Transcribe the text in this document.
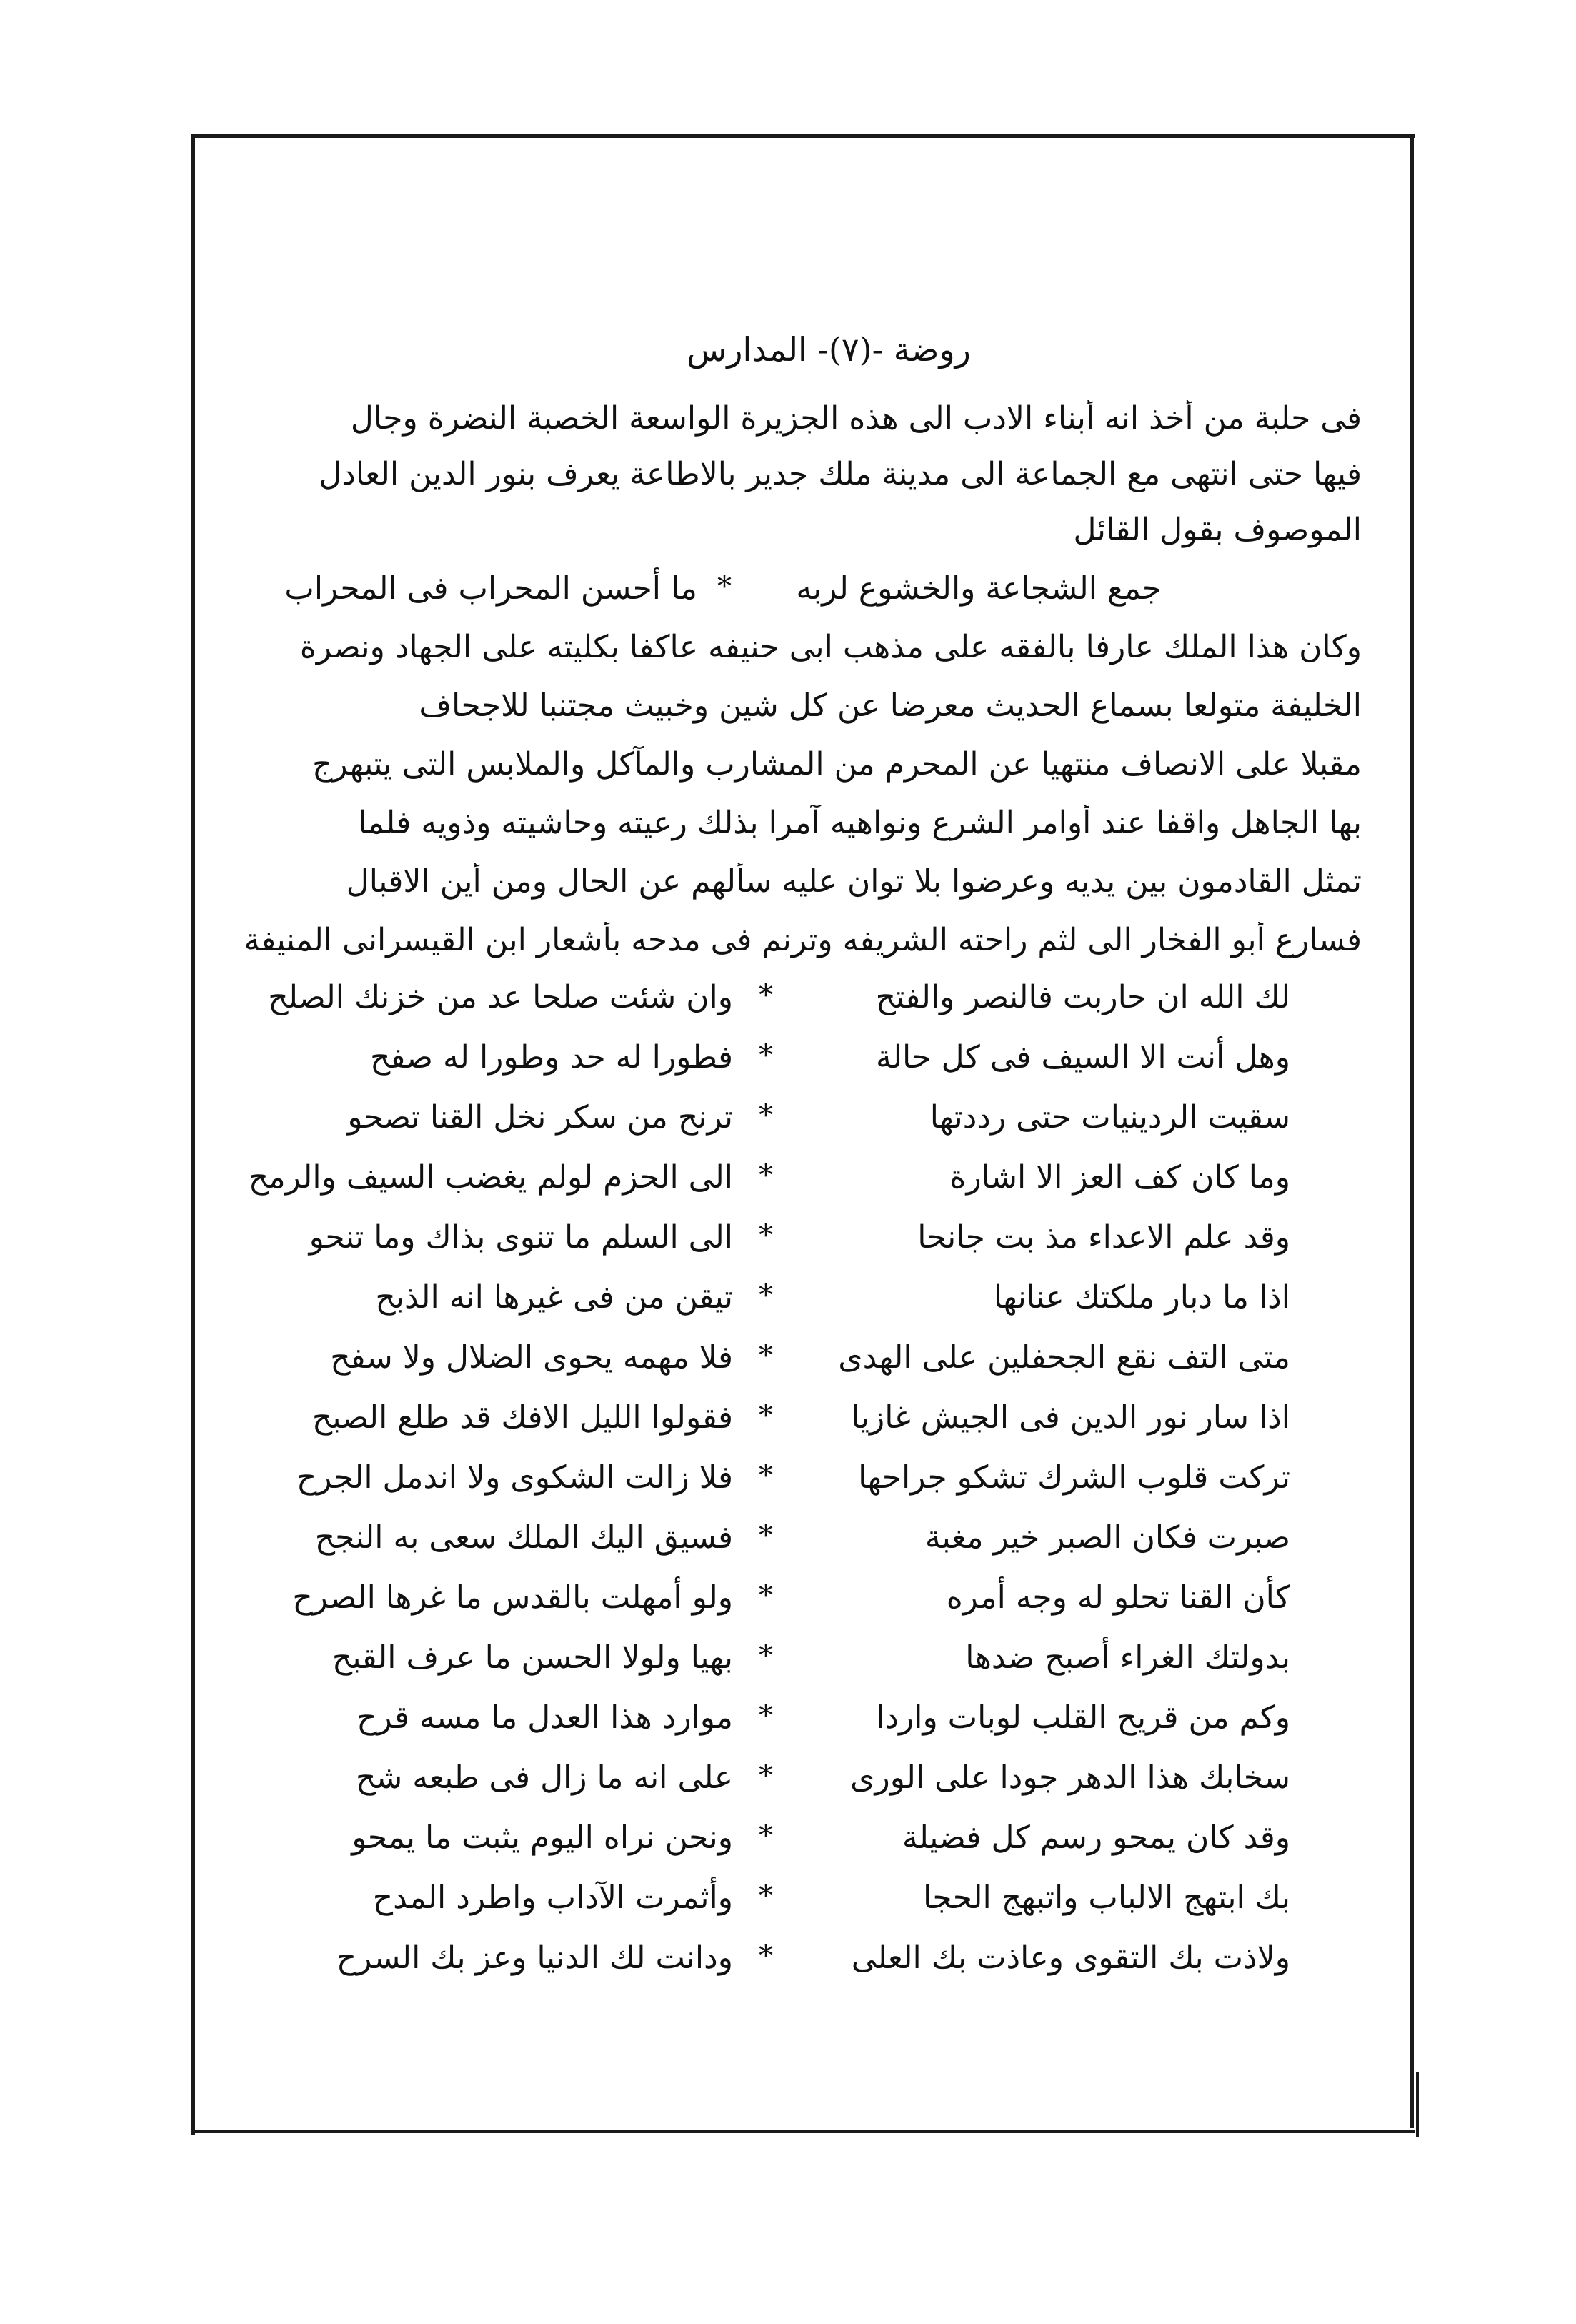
روضة -(٧)- المدارس
فى حلبة من أخذ انه أبناء الادب الى هذه الجزيرة الواسعة الخصبة النضرة وجال
فيها حتى انتهى مع الجماعة الى مدينة ملك جدير بالاطاعة يعرف بنور الدين العادل
الموصوف بقول القائل
جمع الشجاعة والخشوع لربه
*
ما أحسن المحراب فى المحراب
وكان هذا الملك عارفا بالفقه على مذهب ابى حنيفه عاكفا بكليته على الجهاد ونصرة
الخليفة متولعا بسماع الحديث معرضا عن كل شين وخبيث مجتنبا للاجحاف
مقبلا على الانصاف منتهيا عن المحرم من المشارب والمآكل والملابس التى يتبهرج
بها الجاهل واقفا عند أوامر الشرع ونواهيه آمرا بذلك رعيته وحاشيته وذويه فلما
تمثل القادمون بين يديه وعرضوا بلا توان عليه سألهم عن الحال ومن أين الاقبال
فسارع أبو الفخار الى لثم راحته الشريفه وترنم فى مدحه بأشعار ابن القيسرانى المنيفة
لك الله ان حاربت فالنصر والفتح
*
وان شئت صلحا عد من خزنك الصلح
وهل أنت الا السيف فى كل حالة
*
فطورا له حد وطورا له صفح
سقيت الردينيات حتى رددتها
*
ترنح من سكر نخل القنا تصحو
وما كان كف العز الا اشارة
*
الى الحزم لولم يغضب السيف والرمح
وقد علم الاعداء مذ بت جانحا
*
الى السلم ما تنوى بذاك وما تنحو
اذا ما دبار ملكتك عنانها
*
تيقن من فى غيرها انه الذبح
متى التف نقع الجحفلين على الهدى
*
فلا مهمه يحوى الضلال ولا سفح
اذا سار نور الدين فى الجيش غازيا
*
فقولوا الليل الافك قد طلع الصبح
تركت قلوب الشرك تشكو جراحها
*
فلا زالت الشكوى ولا اندمل الجرح
صبرت فكان الصبر خير مغبة
*
فسيق اليك الملك سعى به النجح
كأن القنا تحلو له وجه أمره
*
ولو أمهلت بالقدس ما غرها الصرح
بدولتك الغراء أصبح ضدها
*
بهيا ولولا الحسن ما عرف القبح
وكم من قريح القلب لوبات واردا
*
موارد هذا العدل ما مسه قرح
سخابك هذا الدهر جودا على الورى
*
على انه ما زال فى طبعه شح
وقد كان يمحو رسم كل فضيلة
*
ونحن نراه اليوم يثبت ما يمحو
بك ابتهج الالباب واتبهج الحجا
*
وأثمرت الآداب واطرد المدح
ولاذت بك التقوى وعاذت بك العلى
*
ودانت لك الدنيا وعز بك السرح
